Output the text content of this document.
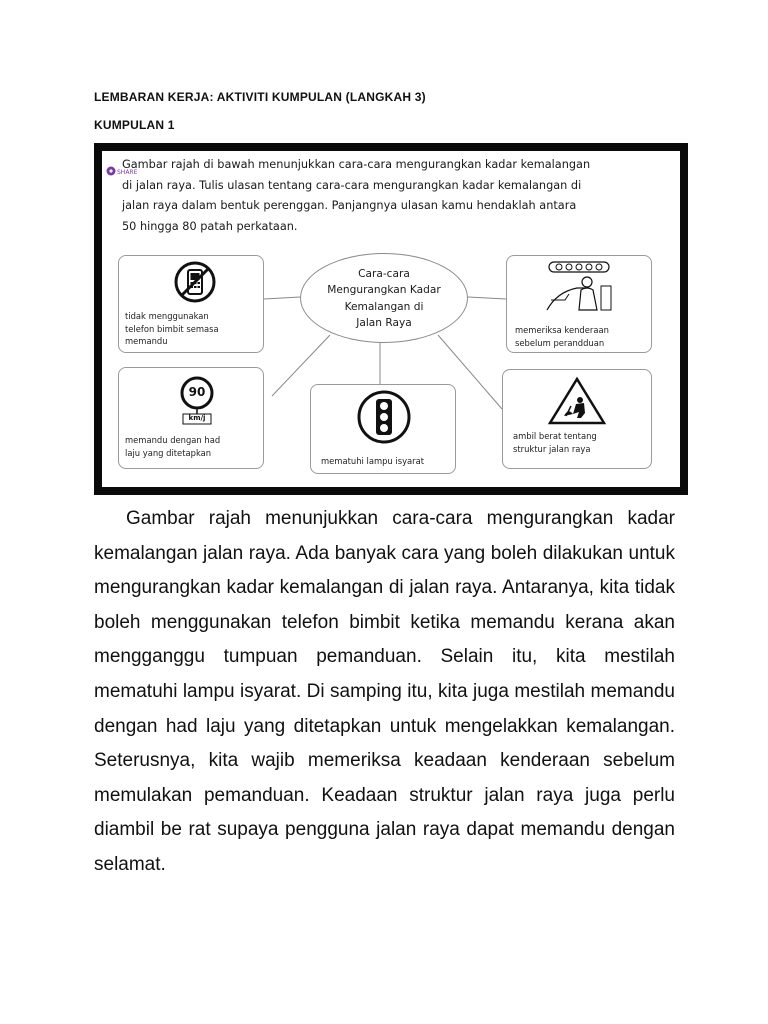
LEMBARAN KERJA: AKTIVITI KUMPULAN (LANGKAH 3)
KUMPULAN 1
SHARE
Gambar rajah di bawah menunjukkan cara-cara mengurangkan kadar kemalangan
di jalan raya. Tulis ulasan tentang cara-cara mengurangkan kadar kemalangan di
jalan raya dalam bentuk perenggan. Panjangnya ulasan kamu hendaklah antara
50 hingga 80 patah perkataan.
tidak menggunakan
telefon bimbit semasa
memandu
Cara-cara
Mengurangkan Kadar
Kemalangan di
Jalan Raya
memeriksa kenderaan
sebelum perandduan
90
km/j
memandu dengan had
laju yang ditetapkan
mematuhi lampu isyarat
ambil berat tentang
struktur jalan raya
Gambar rajah menunjukkan cara-cara mengurangkan kadar kemalangan jalan raya. Ada banyak cara yang boleh dilakukan untuk mengurangkan kadar kemalangan di jalan raya. Antaranya, kita tidak boleh menggunakan telefon bimbit ketika memandu kerana akan mengganggu tumpuan pemanduan. Selain itu, kita mestilah mematuhi lampu isyarat. Di samping itu, kita juga mestilah memandu dengan had laju yang ditetapkan untuk mengelakkan kemalangan. Seterusnya, kita wajib memeriksa keadaan kenderaan sebelum memulakan pemanduan. Keadaan struktur jalan raya juga perlu diambil be rat supaya pengguna jalan raya dapat memandu dengan selamat.
